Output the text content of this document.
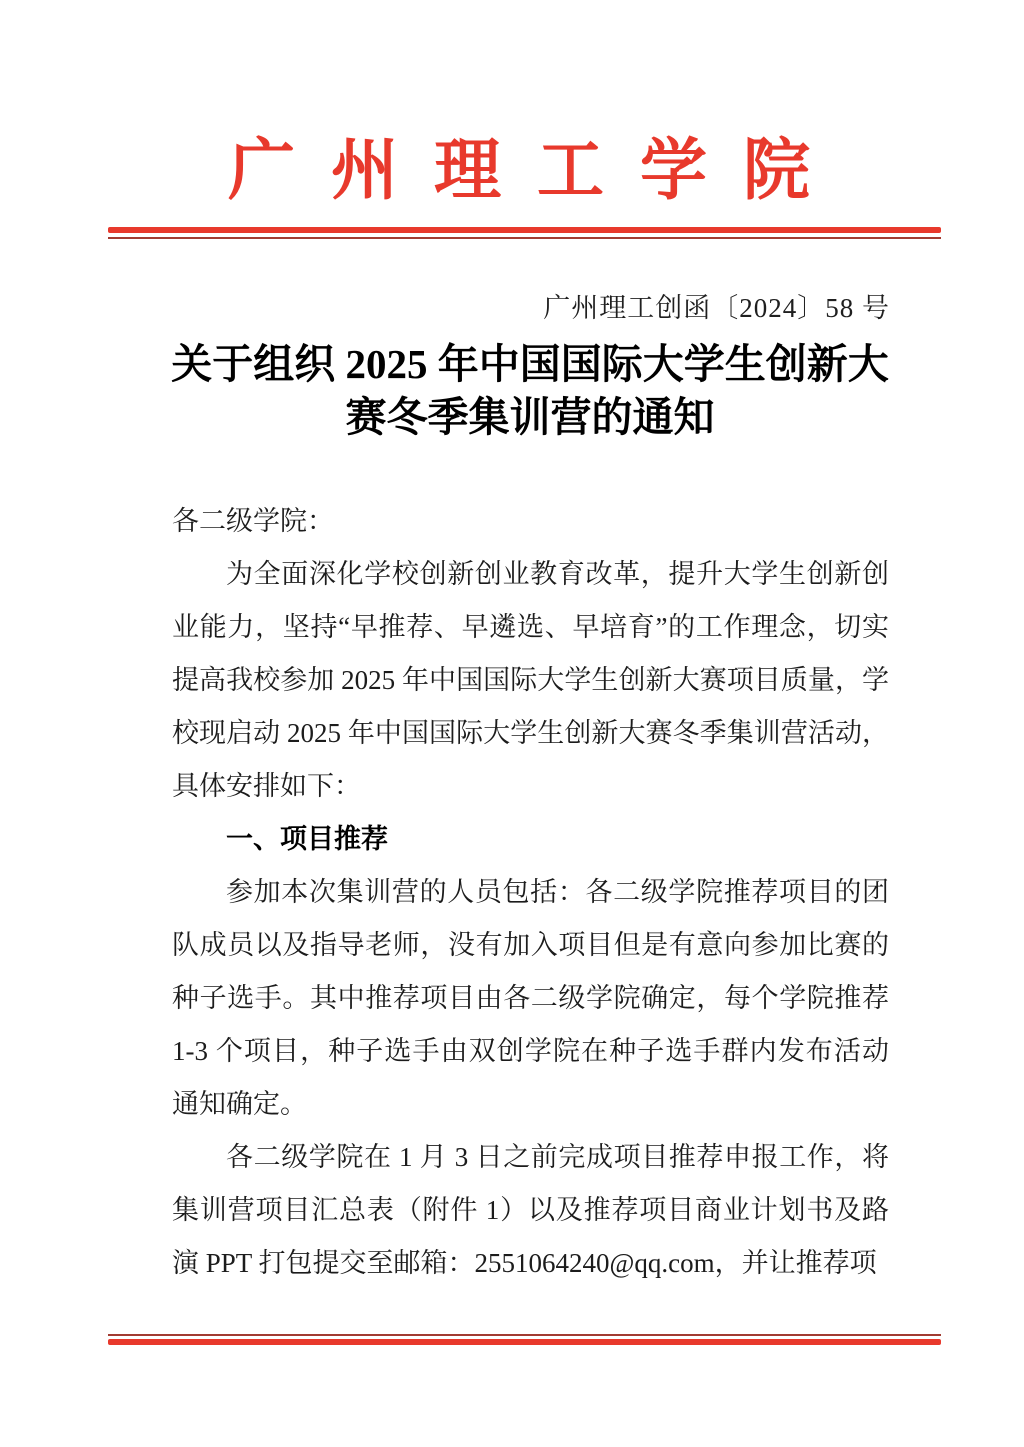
广州理工学院
广州理工创函〔2024〕58 号
关于组织 2025 年中国国际大学生创新大
赛冬季集训营的通知

各二级学院：

为全面深化学校创新创业教育改革，提升大学生创新创业能力，坚持“早推荐、早遴选、早培育”的工作理念，切实提高我校参加 2025 年中国国际大学生创新大赛项目质量，学校现启动 2025 年中国国际大学生创新大赛冬季集训营活动，具体安排如下：

一、项目推荐

参加本次集训营的人员包括：各二级学院推荐项目的团队成员以及指导老师，没有加入项目但是有意向参加比赛的种子选手。其中推荐项目由各二级学院确定，每个学院推荐 1-3 个项目，种子选手由双创学院在种子选手群内发布活动通知确定。

各二级学院在 1 月 3 日之前完成项目推荐申报工作，将集训营项目汇总表（附件 1）以及推荐项目商业计划书及路演 PPT 打包提交至邮箱：2551064240@qq.com，并让推荐项
